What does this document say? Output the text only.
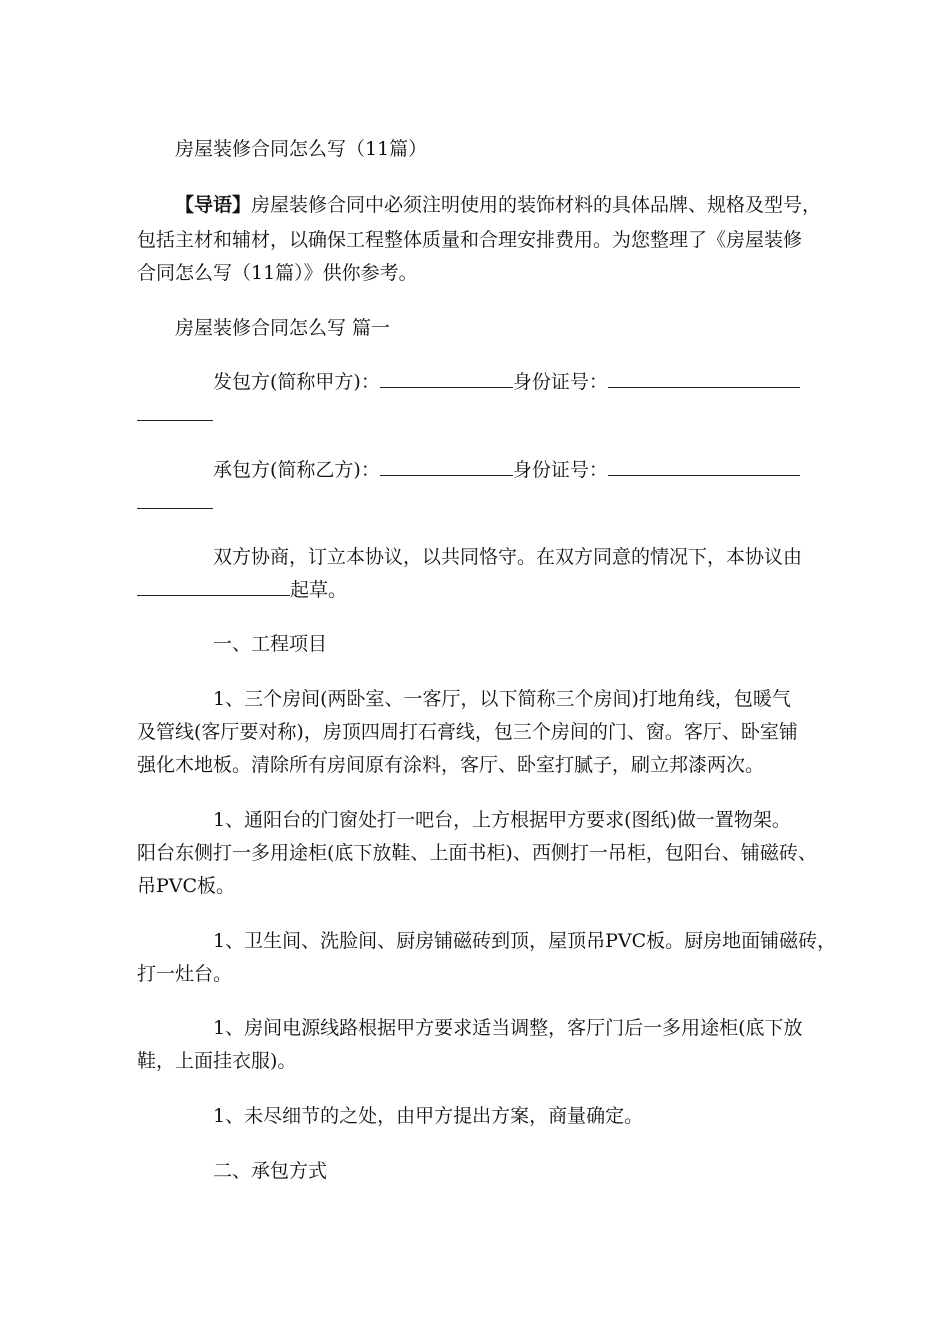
房屋装修合同怎么写（11篇）
【导语】房屋装修合同中必须注明使用的装饰材料的具体品牌、规格及型号，
包括主材和辅材，以确保工程整体质量和合理安排费用。为您整理了《房屋装修
合同怎么写（11篇）》供你参考。
房屋装修合同怎么写 篇一
发包方(简称甲方)：	身份证号：
承包方(简称乙方)：	身份证号：
双方协商，订立本协议，以共同恪守。在双方同意的情况下，本协议由
起草。
一、工程项目
1、三个房间(两卧室、一客厅，以下简称三个房间)打地角线，包暖气
及管线(客厅要对称)，房顶四周打石膏线，包三个房间的门、窗。客厅、卧室铺
强化木地板。清除所有房间原有涂料，客厅、卧室打腻子，刷立邦漆两次。
1、通阳台的门窗处打一吧台，上方根据甲方要求(图纸)做一置物架。
阳台东侧打一多用途柜(底下放鞋、上面书柜)、西侧打一吊柜，包阳台、铺磁砖、
吊PVC板。
1、卫生间、洗脸间、厨房铺磁砖到顶，屋顶吊PVC板。厨房地面铺磁砖，
打一灶台。
1、房间电源线路根据甲方要求适当调整，客厅门后一多用途柜(底下放
鞋，上面挂衣服)。
1、未尽细节的之处，由甲方提出方案，商量确定。
二、承包方式
